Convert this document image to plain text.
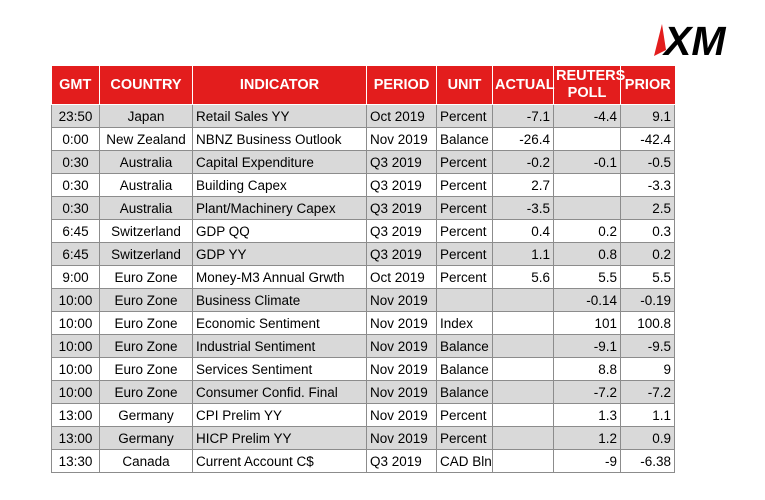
XM
GMT	COUNTRY	INDICATOR	PERIOD	UNIT	ACTUAL	REUTERS POLL	PRIOR
23:50	Japan	Retail Sales YY	Oct 2019	Percent	-7.1	-4.4	9.1
0:00	New Zealand	NBNZ Business Outlook	Nov 2019	Balance	-26.4		-42.4
0:30	Australia	Capital Expenditure	Q3 2019	Percent	-0.2	-0.1	-0.5
0:30	Australia	Building Capex	Q3 2019	Percent	2.7		-3.3
0:30	Australia	Plant/Machinery Capex	Q3 2019	Percent	-3.5		2.5
6:45	Switzerland	GDP QQ	Q3 2019	Percent	0.4	0.2	0.3
6:45	Switzerland	GDP YY	Q3 2019	Percent	1.1	0.8	0.2
9:00	Euro Zone	Money-M3 Annual Grwth	Oct 2019	Percent	5.6	5.5	5.5
10:00	Euro Zone	Business Climate	Nov 2019			-0.14	-0.19
10:00	Euro Zone	Economic Sentiment	Nov 2019	Index		101	100.8
10:00	Euro Zone	Industrial Sentiment	Nov 2019	Balance		-9.1	-9.5
10:00	Euro Zone	Services Sentiment	Nov 2019	Balance		8.8	9
10:00	Euro Zone	Consumer Confid. Final	Nov 2019	Balance		-7.2	-7.2
13:00	Germany	CPI Prelim YY	Nov 2019	Percent		1.3	1.1
13:00	Germany	HICP Prelim YY	Nov 2019	Percent		1.2	0.9
13:30	Canada	Current Account C$	Q3 2019	CAD Bln		-9	-6.38
